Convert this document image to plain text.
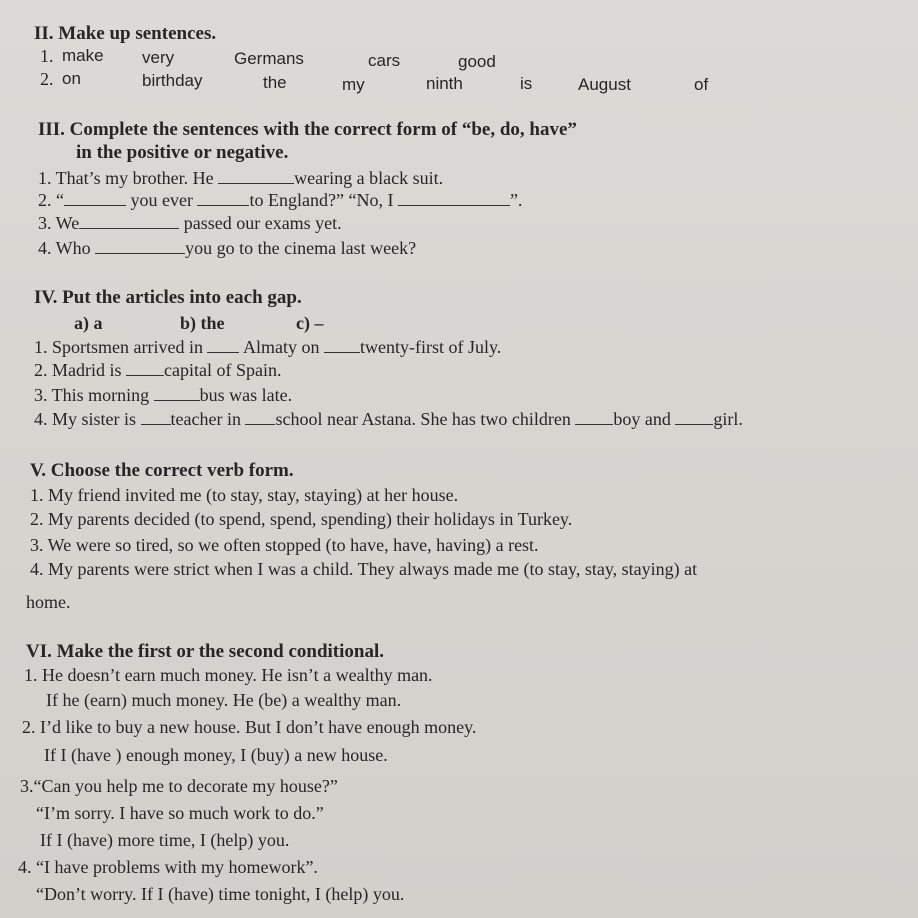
II. Make up sentences.
1. make very	Germans	cars	good
2. on	birthday	the	my	ninth	is	August	of
III. Complete the sentences with the correct form of “be, do, have”
in the positive or negative.
1. That’s my brother. He	wearing a black suit.
2. “	you ever	to England?” “No, I	”.
3. We	passed our exams yet.
4. Who	you go to the cinema last week?
IV. Put the articles into each gap.
a) a	b) the	c) –
1. Sportsmen arrived in Almaty on twenty-first of July.
2. Madrid is capital of Spain.
3. This morning	bus was late.
4. My sister is teacher in school near Astana. She has two children boy and girl.
V. Choose the correct verb form.
1. My friend invited me (to stay, stay, staying) at her house.
2. My parents decided (to spend, spend, spending) their holidays in Turkey.
3. We were so tired, so we often stopped (to have, have, having) a rest.
4. My parents were strict when I was a child. They always made me (to stay, stay, staying) at
home.
VI. Make the first or the second conditional.
1. He doesn’t earn much money. He isn’t a wealthy man.
If he (earn) much money. He (be) a wealthy man.
2. I’d like to buy a new house. But I don’t have enough money.
If I (have ) enough money, I (buy) a new house.
3.“Can you help me to decorate my house?”
“I’m sorry. I have so much work to do.”
If I (have) more time, I (help) you.
4. “I have problems with my homework”.
“Don’t worry. If I (have) time tonight, I (help) you.
